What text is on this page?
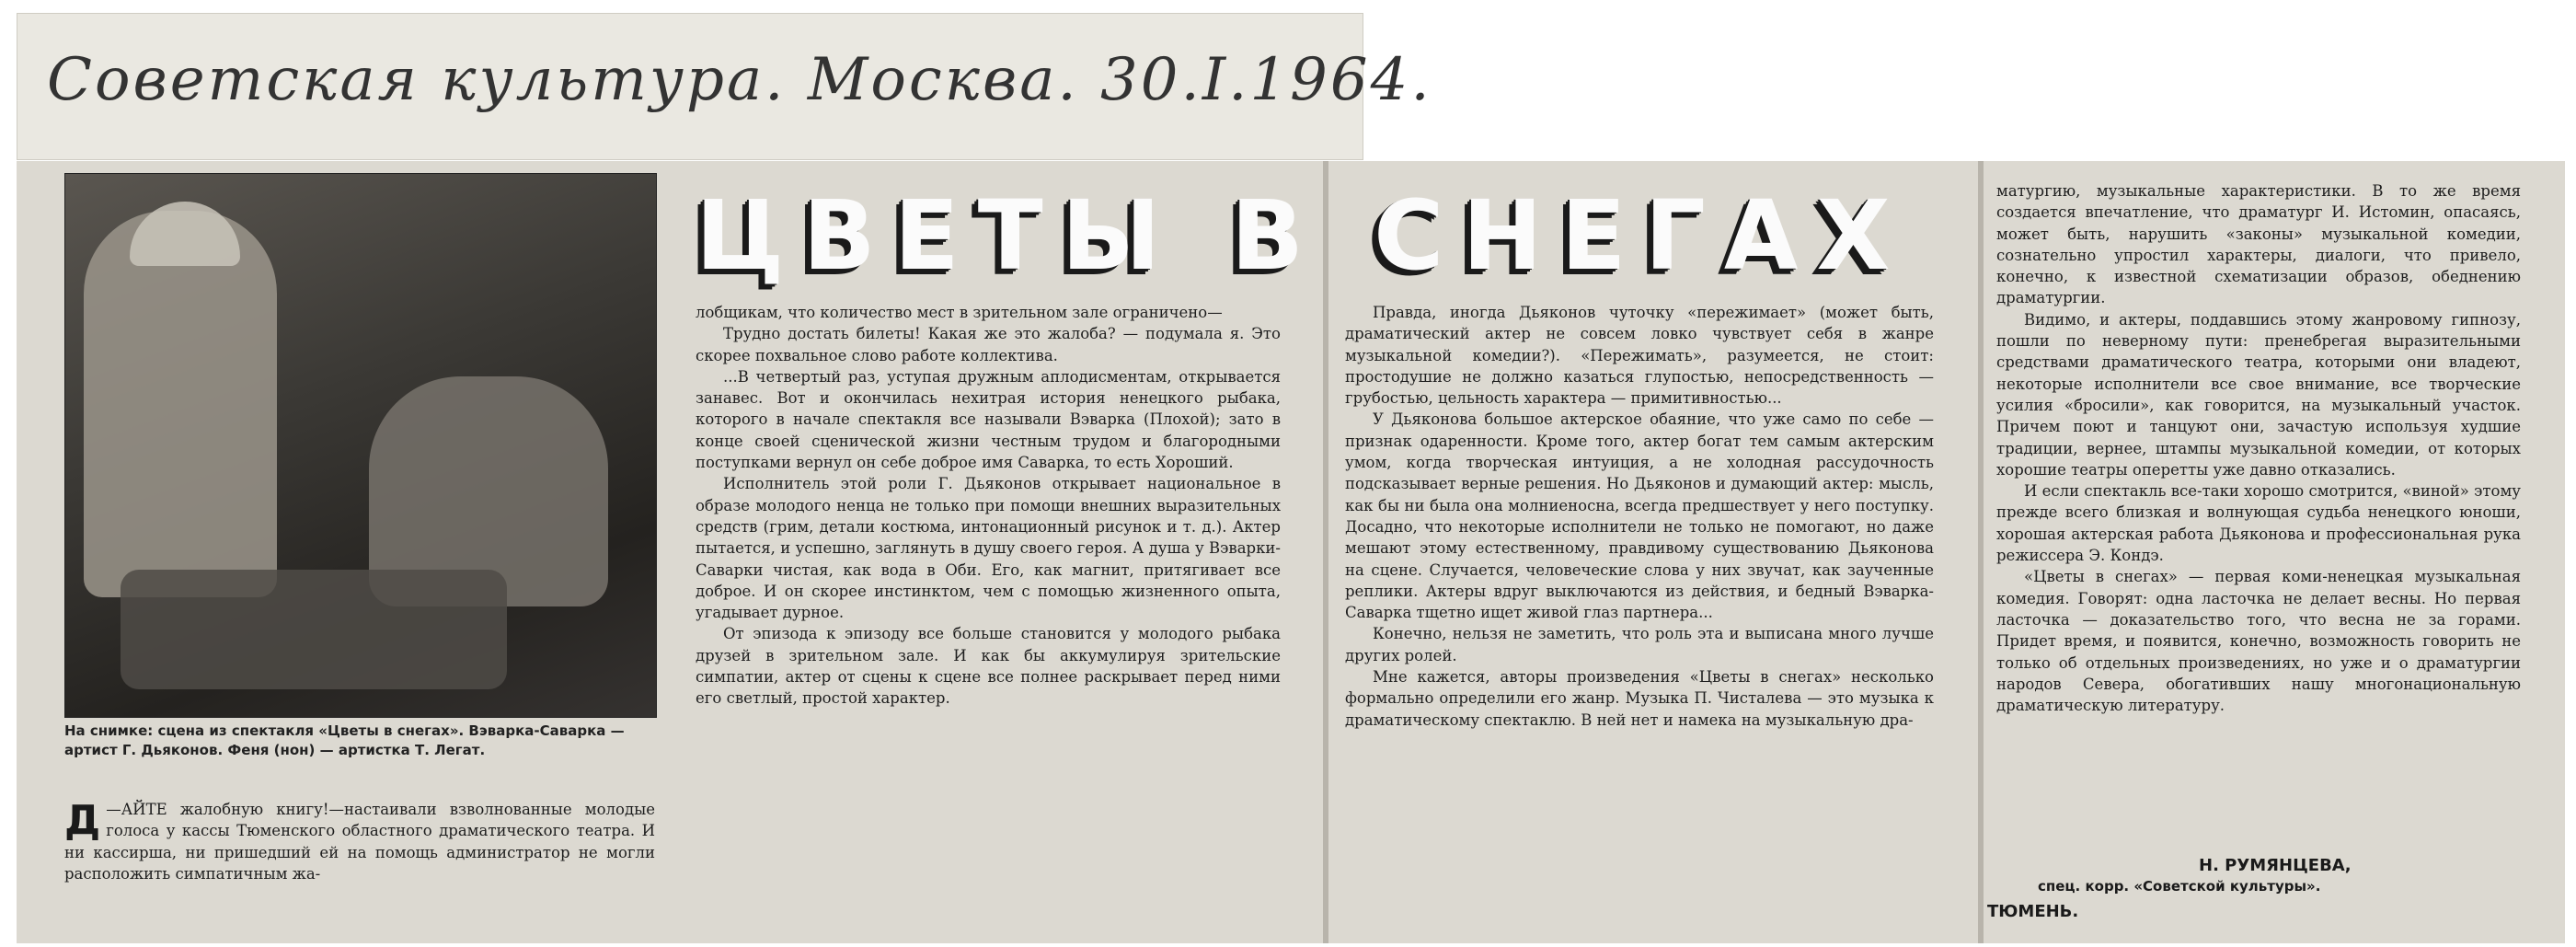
Советская культура. Москва. 30.I.1964.
На снимке: сцена из спектакля «Цветы в снегах». Вэварка-Саварка — артист Г. Дьяконов. Феня (нон) — артистка Т. Легат.
ЦВЕТЫ В СНЕГАХ

Д —АЙТЕ жалобную книгу!—настаивали взволнованные молодые голоса у кассы Тюменского областного драматического театра. И ни кассирша, ни пришедший ей на помощь администратор не могли расположить симпатичным жа-

лобщикам, что количество мест в зрительном зале ограничено—

Трудно достать билеты! Какая же это жалоба? — подумала я. Это скорее похвальное слово работе коллектива.

...В четвертый раз, уступая дружным аплодисментам, открывается занавес. Вот и окончилась нехитрая история ненецкого рыбака, которого в начале спектакля все называли Вэварка (Плохой); зато в конце своей сценической жизни честным трудом и благородными поступками вернул он себе доброе имя Саварка, то есть Хороший.

Исполнитель этой роли Г. Дьяконов открывает национальное в образе молодого ненца не только при помощи внешних выразительных средств (грим, детали костюма, интонационный рисунок и т. д.). Актер пытается, и успешно, заглянуть в душу своего героя. А душа у Вэварки-Саварки чистая, как вода в Оби. Его, как магнит, притягивает все доброе. И он скорее инстинктом, чем с помощью жизненного опыта, угадывает дурное.

От эпизода к эпизоду все больше становится у молодого рыбака друзей в зрительном зале. И как бы аккумулируя зрительские симпатии, актер от сцены к сцене все полнее раскрывает перед ними его светлый, простой характер.

Правда, иногда Дьяконов чуточку «пережимает» (может быть, драматический актер не совсем ловко чувствует себя в жанре музыкальной комедии?). «Пережимать», разумеется, не стоит: простодушие не должно казаться глупостью, непосредственность — грубостью, цельность характера — примитивностью...

У Дьяконова большое актерское обаяние, что уже само по себе — признак одаренности. Кроме того, актер богат тем самым актерским умом, когда творческая интуиция, а не холодная рассудочность подсказывает верные решения. Но Дьяконов и думающий актер: мысль, как бы ни была она молниеносна, всегда предшествует у него поступку. Досадно, что некоторые исполнители не только не помогают, но даже мешают этому естественному, правдивому существованию Дьяконова на сцене. Случается, человеческие слова у них звучат, как заученные реплики. Актеры вдруг выключаются из действия, и бедный Вэварка-Саварка тщетно ищет живой глаз партнера...

Конечно, нельзя не заметить, что роль эта и выписана много лучше других ролей.

Мне кажется, авторы произведения «Цветы в снегах» несколько формально определили его жанр. Музыка П. Чисталева — это музыка к драматическому спектаклю. В ней нет и намека на музыкальную дра-

матургию, музыкальные характеристики. В то же время создается впечатление, что драматург И. Истомин, опасаясь, может быть, нарушить «законы» музыкальной комедии, сознательно упростил характеры, диалоги, что привело, конечно, к известной схематизации образов, обеднению драматургии.

Видимо, и актеры, поддавшись этому жанровому гипнозу, пошли по неверному пути: пренебрегая выразительными средствами драматического театра, которыми они владеют, некоторые исполнители все свое внимание, все творческие усилия «бросили», как говорится, на музыкальный участок. Причем поют и танцуют они, зачастую используя худшие традиции, вернее, штампы музыкальной комедии, от которых хорошие театры оперетты уже давно отказались.

И если спектакль все-таки хорошо смотрится, «виной» этому прежде всего близкая и волнующая судьба ненецкого юноши, хорошая актерская работа Дьяконова и профессиональная рука режиссера Э. Кондэ.

«Цветы в снегах» — первая коми-ненецкая музыкальная комедия. Говорят: одна ласточка не делает весны. Но первая ласточка — доказательство того, что весна не за горами. Придет время, и появится, конечно, возможность говорить не только об отдельных произведениях, но уже и о драматургии народов Севера, обогативших нашу многонациональную драматическую литературу.

Н. РУМЯНЦЕВА,
спец. корр. «Советской культуры».
ТЮМЕНЬ.
